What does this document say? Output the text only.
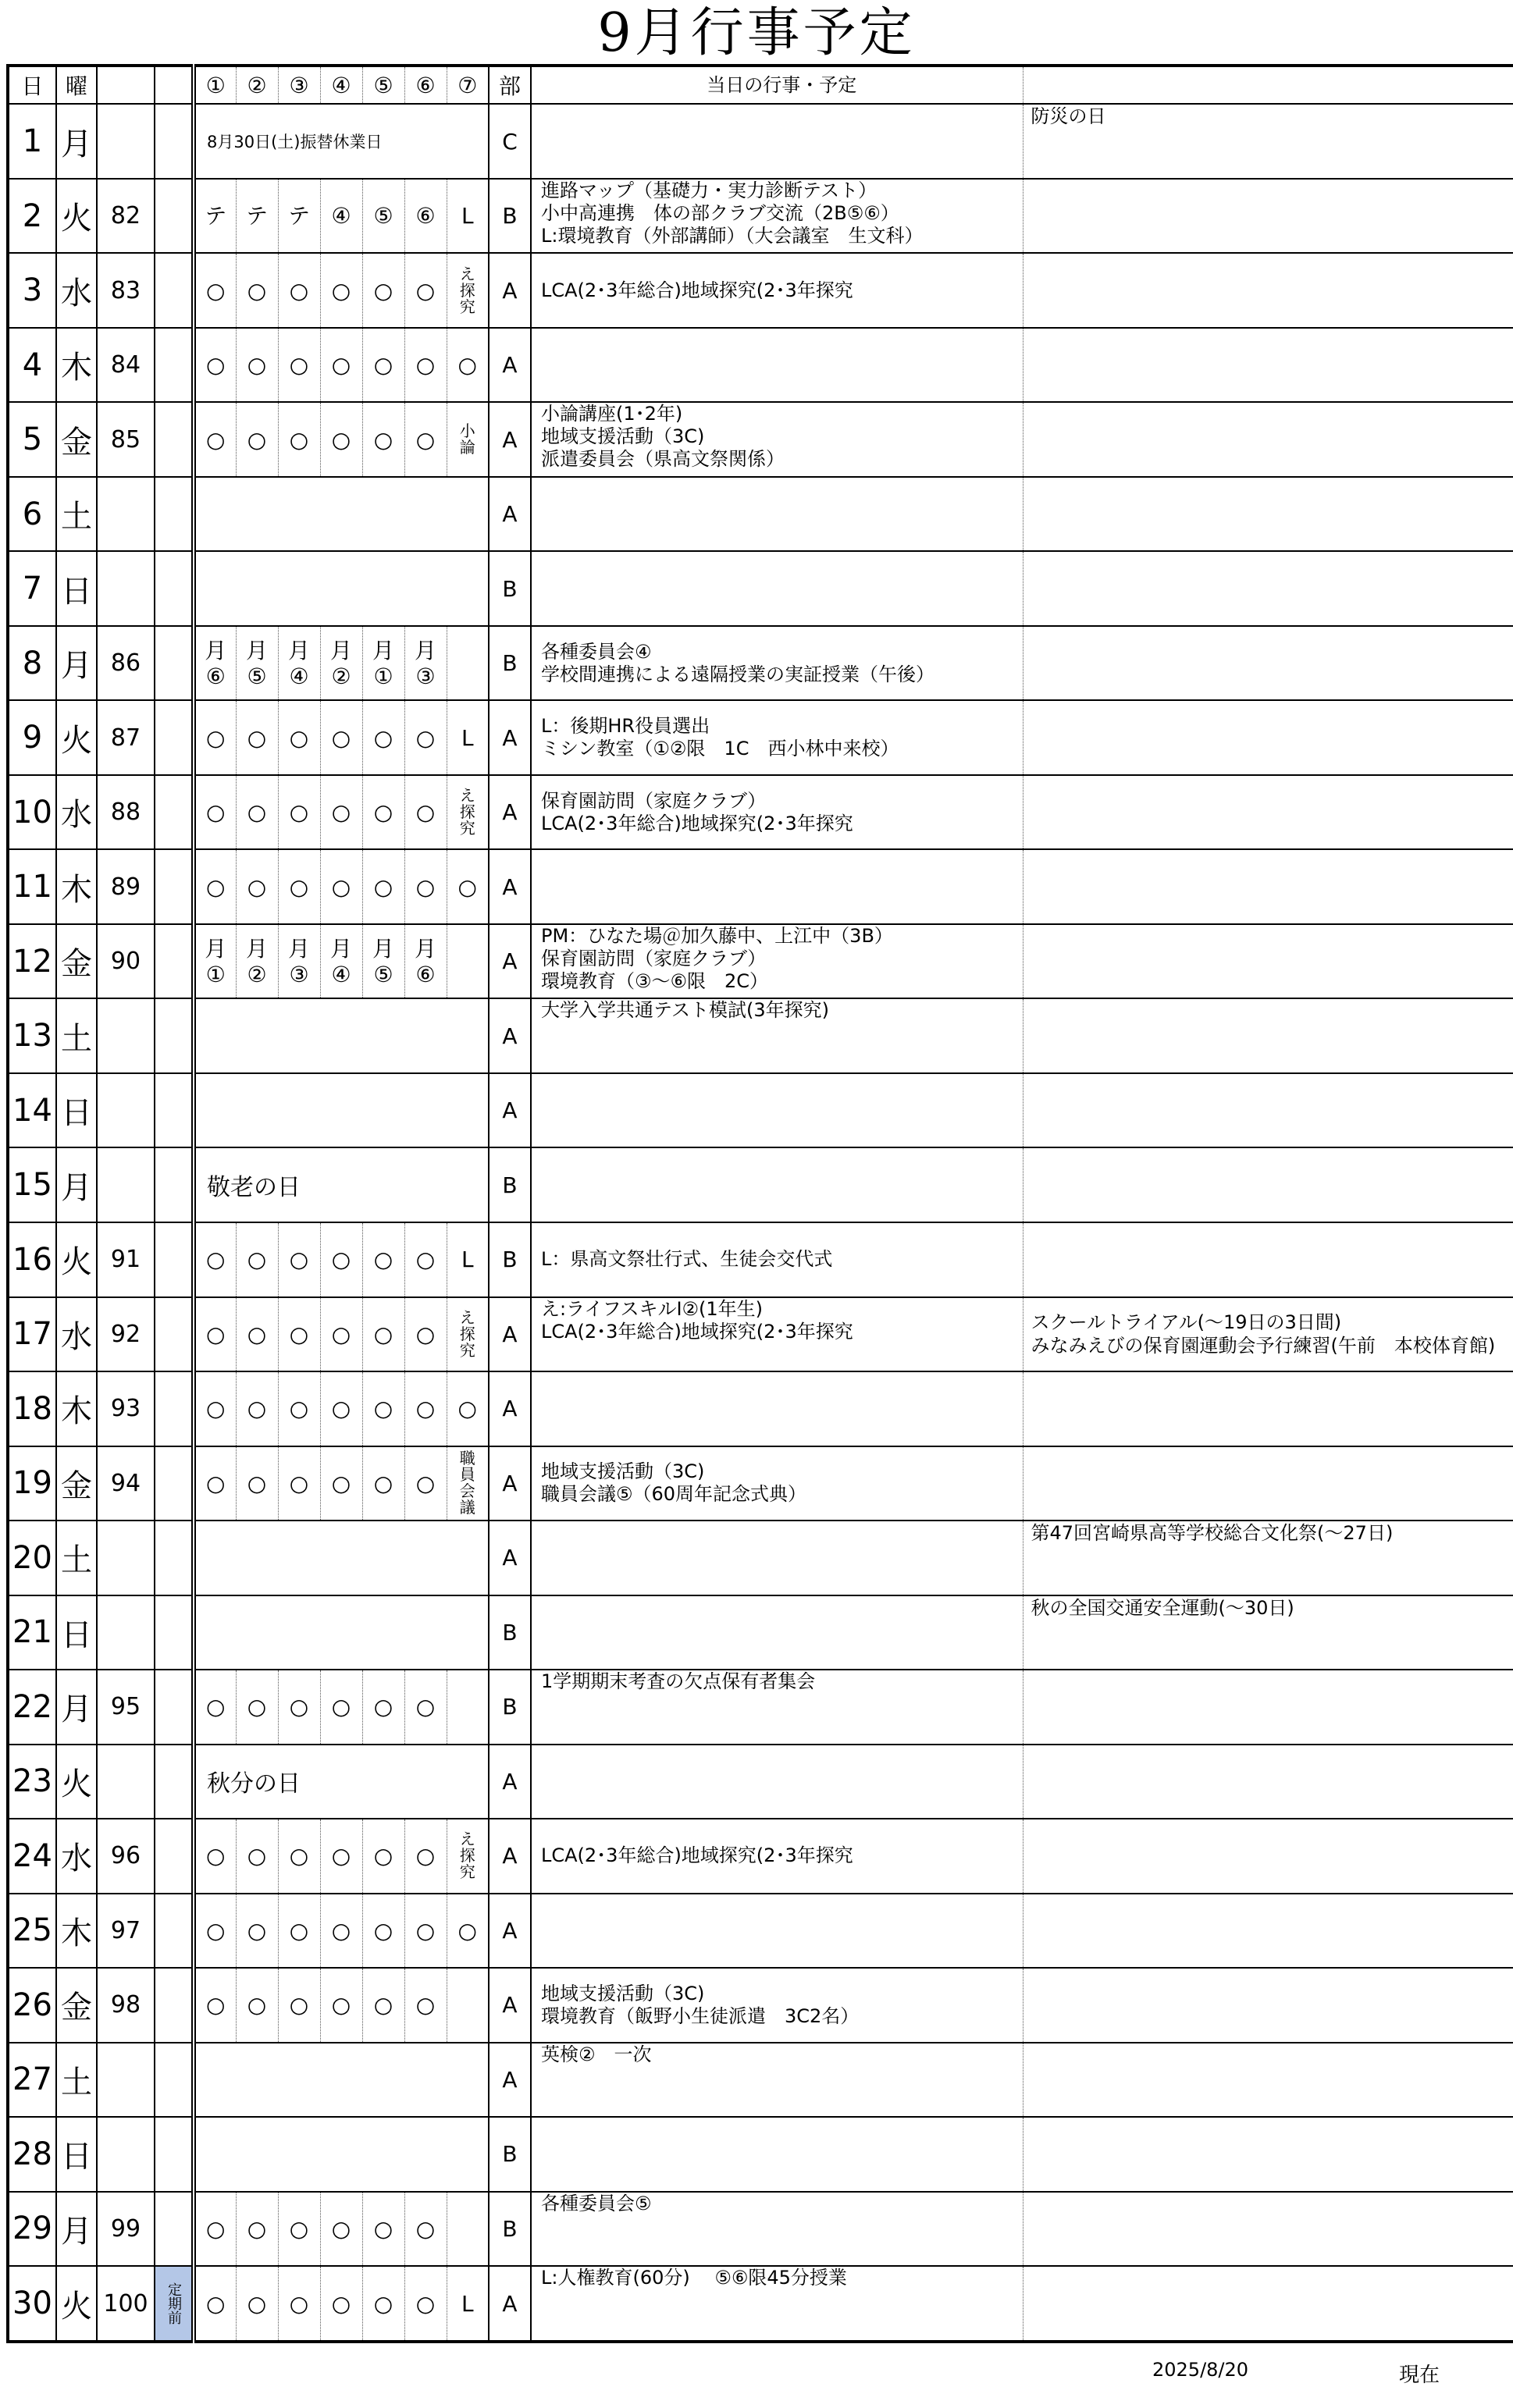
9月行事予定
日	曜			①	②	③	④	⑤	⑥	⑦	部	当日の行事・予定	
1	月			8月30日(土)振替休業日							C		防災の日

2	火	82		テ	テ	テ	④	⑤	⑥	L	B	進路マップ（基礎力・実力診断テスト）
小中高連携　体の部クラブ交流（2B⑤⑥）
L:環境教育（外部講師）（大会議室　生文科）	

3	水	83		○	○	○	○	○	○	え探究	A	LCA(2･3年総合)地域探究(2･3年探究	

4	木	84		○	○	○	○	○	○	○	A		
5	金	85		○	○	○	○	○	○	小論	A	小論講座(1･2年)
地域支援活動（3C)
派遣委員会（県高文祭関係）	

6	土										A		
7	日										B		
8	月	86		月⑥	月⑤	月④	月②	月①	月③		B	各種委員会④
学校間連携による遠隔授業の実証授業（午後）	

9	火	87		○	○	○	○	○	○	L	A	L：後期HR役員選出
ミシン教室（①②限　1C　西小林中来校）	

10	水	88		○	○	○	○	○	○	え探究	A	保育園訪問（家庭クラブ）
LCA(2･3年総合)地域探究(2･3年探究	

11	木	89		○	○	○	○	○	○	○	A		
12	金	90		月①	月②	月③	月④	月⑤	月⑥		A	PM：ひなた場＠加久藤中、上江中（3B）
保育園訪問（家庭クラブ）
環境教育（③～⑥限　2C）	

13	土										A	大学入学共通テスト模試(3年探究)	

14	日										A		
15	月			敬老の日							B		
16	火	91		○	○	○	○	○	○	L	B	L：県高文祭壮行式、生徒会交代式	

17	水	92		○	○	○	○	○	○	え探究	A	え:ライフスキルⅠ②(1年生)
LCA(2･3年総合)地域探究(2･3年探究	スクールトライアル(～19日の3日間)
みなみえびの保育園運動会予行練習(午前　本校体育館)

18	木	93		○	○	○	○	○	○	○	A		
19	金	94		○	○	○	○	○	○	職員会議	A	地域支援活動（3C)
職員会議⑤（60周年記念式典）	

20	土										A		第47回宮崎県高等学校総合文化祭(～27日)

21	日										B		秋の全国交通安全運動(～30日)

22	月	95		○	○	○	○	○	○		B	1学期期末考査の欠点保有者集会	

23	火			秋分の日							A		
24	水	96		○	○	○	○	○	○	え探究	A	LCA(2･3年総合)地域探究(2･3年探究	

25	木	97		○	○	○	○	○	○	○	A		
26	金	98		○	○	○	○	○	○		A	地域支援活動（3C)
環境教育（飯野小生徒派遣　3C2名）	

27	土										A	英検②　一次	

28	日										B		
29	月	99		○	○	○	○	○	○		B	各種委員会⑤	

30	火	100	定期前	○	○	○	○	○	○	L	A	L:人権教育(60分)　 ⑤⑥限45分授業	

2025/8/20	現在
